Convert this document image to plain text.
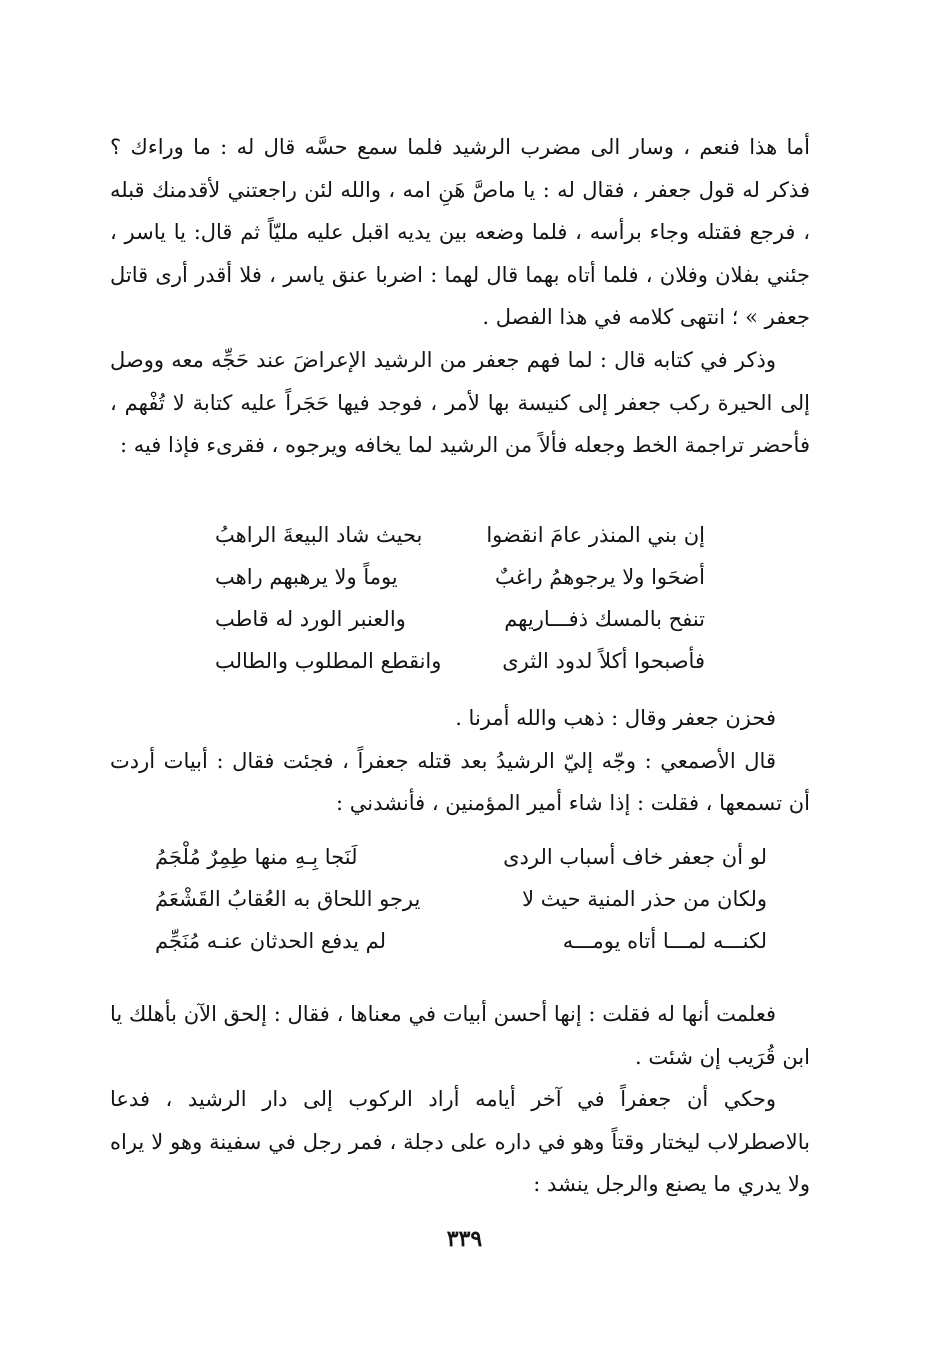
أما هذا فنعم ، وسار الى مضرب الرشيد فلما سمع حسَّه قال له : ما وراءك ؟ فذكر له قول جعفر ، فقال له : يا ماصَّ هَنِ امه ، والله لئن راجعتني لأقدمنك قبله ، فرجع فقتله وجاء برأسه ، فلما وضعه بين يديه اقبل عليه مليّاً ثم قال: يا ياسر ، جئني بفلان وفلان ، فلما أتاه بهما قال لهما : اضربا عنق ياسر ، فلا أقدر أرى قاتل جعفر » ؛ انتهى كلامه في هذا الفصل .

وذكر في كتابه قال : لما فهم جعفر من الرشيد الإعراضَ عند حَجِّه معه ووصل إلى الحيرة ركب جعفر إلى كنيسة بها لأمر ، فوجد فيها حَجَراً عليه كتابة لا تُفْهم ، فأحضر تراجمة الخط وجعله فألاً من الرشيد لما يخافه ويرجوه ، فقرىء فإذا فيه :

إن بني المنذر عامَ انقضوا
بحيث شاد البيعةَ الراهبُ
أضحَوا ولا يرجوهمُ راغبٌ
يوماً ولا يرهبهم راهب
تنفح بالمسك ذفـــاريهم
والعنبر الورد له قاطب
فأصبحوا أكلاً لدود الثرى
وانقطع المطلوب والطالب

فحزن جعفر وقال : ذهب والله أمرنا .

قال الأصمعي : وجّه إليّ الرشيدُ بعد قتله جعفراً ، فجئت فقال : أبيات أردت أن تسمعها ، فقلت : إذا شاء أمير المؤمنين ، فأنشدني :

لو أن جعفر خاف أسباب الردى
لَنَجا بِـهِ منها طِمِرٌ مُلْجَمُ
ولكان من حذر المنية حيث لا
يرجو اللحاق به العُقابُ القَشْعَمُ
لكنـــه لمـــا أتاه يومـــه
لم يدفع الحدثان عنـه مُنَجِّم

فعلمت أنها له فقلت : إنها أحسن أبيات في معناها ، فقال : إلحق الآن بأهلك يا ابن قُرَيب إن شئت .

وحكي أن جعفراً في آخر أيامه أراد الركوب إلى دار الرشيد ، فدعا بالاصطرلاب ليختار وقتاً وهو في داره على دجلة ، فمر رجل في سفينة وهو لا يراه ولا يدري ما يصنع والرجل ينشد :

٣٣٩
